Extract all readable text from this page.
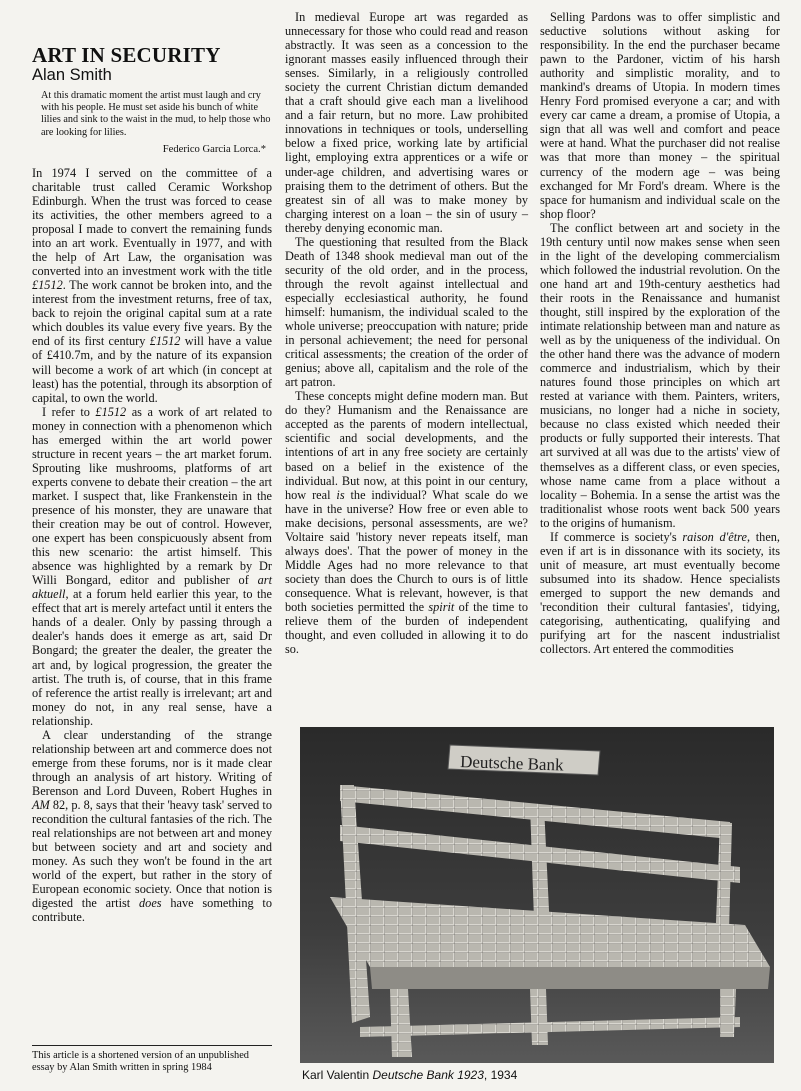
ART IN SECURITY
Alan Smith
At this dramatic moment the artist must laugh and cry with his people. He must set aside his bunch of white lilies and sink to the waist in the mud, to help those who are looking for lilies.
Federico Garcia Lorca.*

In 1974 I served on the committee of a charitable trust called Ceramic Workshop Edinburgh. When the trust was forced to cease its activities, the other members agreed to a proposal I made to convert the remaining funds into an art work. Eventually in 1977, and with the help of Art Law, the organisation was converted into an investment work with the title £1512. The work cannot be broken into, and the interest from the investment returns, free of tax, back to rejoin the original capital sum at a rate which doubles its value every five years. By the end of its first century £1512 will have a value of £410.7m, and by the nature of its expansion will become a work of art which (in concept at least) has the potential, through its absorption of capital, to own the world.

I refer to £1512 as a work of art related to money in connection with a phenomenon which has emerged within the art world power structure in recent years – the art market forum. Sprouting like mushrooms, platforms of art experts convene to debate their creation – the art market. I suspect that, like Frankenstein in the presence of his monster, they are unaware that their creation may be out of control. However, one expert has been conspicuously absent from this new scenario: the artist himself. This absence was highlighted by a remark by Dr Willi Bongard, editor and publisher of art aktuell, at a forum held earlier this year, to the effect that art is merely artefact until it enters the hands of a dealer. Only by passing through a dealer's hands does it emerge as art, said Dr Bongard; the greater the dealer, the greater the art and, by logical progression, the greater the artist. The truth is, of course, that in this frame of reference the artist really is irrelevant; art and money do not, in any real sense, have a relationship.

A clear understanding of the strange relationship between art and commerce does not emerge from these forums, nor is it made clear through an analysis of art history. Writing of Berenson and Lord Duveen, Robert Hughes in AM 82, p. 8, says that their 'heavy task' served to recondition the cultural fantasies of the rich. The real relationships are not between art and money but between society and art and society and money. As such they won't be found in the art world of the expert, but rather in the story of European economic society. Once that notion is digested the artist does have something to contribute.

In medieval Europe art was regarded as unnecessary for those who could read and reason abstractly. It was seen as a concession to the ignorant masses easily influenced through their senses. Similarly, in a religiously controlled society the current Christian dictum demanded that a craft should give each man a livelihood and a fair return, but no more. Law prohibited innovations in techniques or tools, underselling below a fixed price, working late by artificial light, employing extra apprentices or a wife or under-age children, and advertising wares or praising them to the detriment of others. But the greatest sin of all was to make money by charging interest on a loan – the sin of usury – thereby denying economic man.

The questioning that resulted from the Black Death of 1348 shook medieval man out of the security of the old order, and in the process, through the revolt against intellectual and especially ecclesiastical authority, he found himself: humanism, the individual scaled to the whole universe; preoccupation with nature; pride in personal achievement; the need for personal critical assessments; the creation of the order of genius; above all, capitalism and the role of the art patron.

These concepts might define modern man. But do they? Humanism and the Renaissance are accepted as the parents of modern intellectual, scientific and social developments, and the intentions of art in any free society are certainly based on a belief in the existence of the individual. But now, at this point in our century, how real is the individual? What scale do we have in the universe? How free or even able to make decisions, personal assessments, are we? Voltaire said 'history never repeats itself, man always does'. That the power of money in the Middle Ages had no more relevance to that society than does the Church to ours is of little consequence. What is relevant, however, is that both societies permitted the spirit of the time to relieve them of the burden of independent thought, and even colluded in allowing it to do so.

Selling Pardons was to offer simplistic and seductive solutions without asking for responsibility. In the end the purchaser became pawn to the Pardoner, victim of his harsh authority and simplistic morality, and to mankind's dreams of Utopia. In modern times Henry Ford promised everyone a car; and with every car came a dream, a promise of Utopia, a sign that all was well and comfort and peace were at hand. What the purchaser did not realise was that more than money – the spiritual currency of the modern age – was being exchanged for Mr Ford's dream. Where is the space for humanism and individual scale on the shop floor?

The conflict between art and society in the 19th century until now makes sense when seen in the light of the developing commercialism which followed the industrial revolution. On the one hand art and 19th-century aesthetics had their roots in the Renaissance and humanist thought, still inspired by the exploration of the intimate relationship between man and nature as well as by the uniqueness of the individual. On the other hand there was the advance of modern commerce and industrialism, which by their natures found those principles on which art rested at variance with them. Painters, writers, musicians, no longer had a niche in society, because no class existed which needed their products or fully supported their interests. That art survived at all was due to the artists' view of themselves as a different class, or even species, whose name came from a place without a locality – Bohemia. In a sense the artist was the traditionalist whose roots went back 500 years to the origins of humanism.

If commerce is society's raison d'être, then, even if art is in dissonance with its society, its unit of measure, art must eventually become subsumed into its shadow. Hence specialists emerged to support the new demands and 'recondition their cultural fantasies', tidying, categorising, authenticating, qualifying and purifying art for the nascent industrialist collectors. Art entered the commodities

This article is a shortened version of an unpublished essay by Alan Smith written in spring 1984
Deutsche Bank
Karl Valentin Deutsche Bank 1923, 1934
